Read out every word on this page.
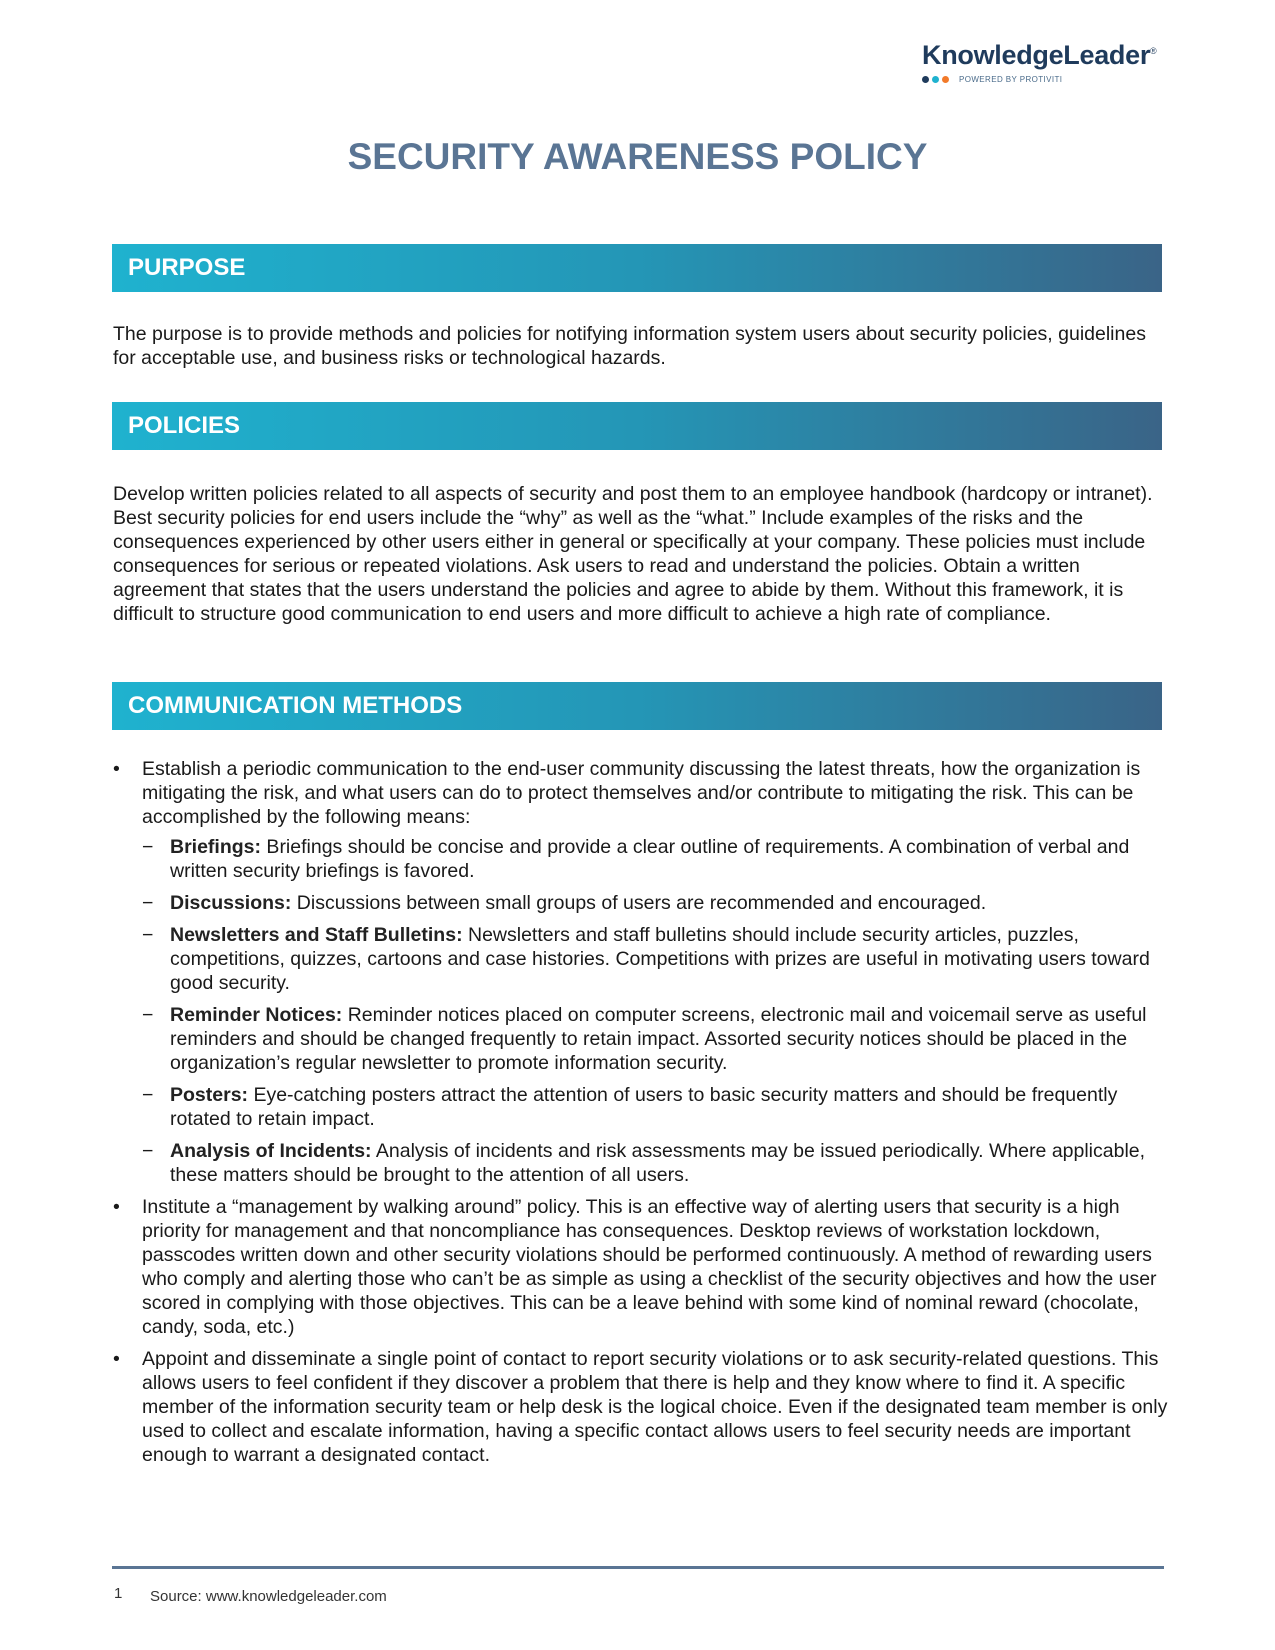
KnowledgeLeader®
POWERED BY PROTIVITI
SECURITY AWARENESS POLICY
PURPOSE
The purpose is to provide methods and policies for notifying information system users about security policies, guidelines for acceptable use, and business risks or technological hazards.
POLICIES
Develop written policies related to all aspects of security and post them to an employee handbook (hardcopy or intranet). Best security policies for end users include the “why” as well as the “what.” Include examples of the risks and the consequences experienced by other users either in general or specifically at your company. These policies must include consequences for serious or repeated violations. Ask users to read and understand the policies. Obtain a written agreement that states that the users understand the policies and agree to abide by them. Without this framework, it is difficult to structure good communication to end users and more difficult to achieve a high rate of compliance.
COMMUNICATION METHODS
• Establish a periodic communication to the end-user community discussing the latest threats, how the organization is mitigating the risk, and what users can do to protect themselves and/or contribute to mitigating the risk. This can be accomplished by the following means:
− Briefings: Briefings should be concise and provide a clear outline of requirements. A combination of verbal and written security briefings is favored.
− Discussions: Discussions between small groups of users are recommended and encouraged.
− Newsletters and Staff Bulletins: Newsletters and staff bulletins should include security articles, puzzles, competitions, quizzes, cartoons and case histories. Competitions with prizes are useful in motivating users toward good security.
− Reminder Notices: Reminder notices placed on computer screens, electronic mail and voicemail serve as useful reminders and should be changed frequently to retain impact. Assorted security notices should be placed in the organization’s regular newsletter to promote information security.
− Posters: Eye-catching posters attract the attention of users to basic security matters and should be frequently rotated to retain impact.
− Analysis of Incidents: Analysis of incidents and risk assessments may be issued periodically. Where applicable, these matters should be brought to the attention of all users.
• Institute a “management by walking around” policy. This is an effective way of alerting users that security is a high priority for management and that noncompliance has consequences. Desktop reviews of workstation lockdown, passcodes written down and other security violations should be performed continuously. A method of rewarding users who comply and alerting those who can’t be as simple as using a checklist of the security objectives and how the user scored in complying with those objectives. This can be a leave behind with some kind of nominal reward (chocolate, candy, soda, etc.)
• Appoint and disseminate a single point of contact to report security violations or to ask security-related questions. This allows users to feel confident if they discover a problem that there is help and they know where to find it. A specific member of the information security team or help desk is the logical choice. Even if the designated team member is only used to collect and escalate information, having a specific contact allows users to feel security needs are important enough to warrant a designated contact.
1 Source: www.knowledgeleader.com
